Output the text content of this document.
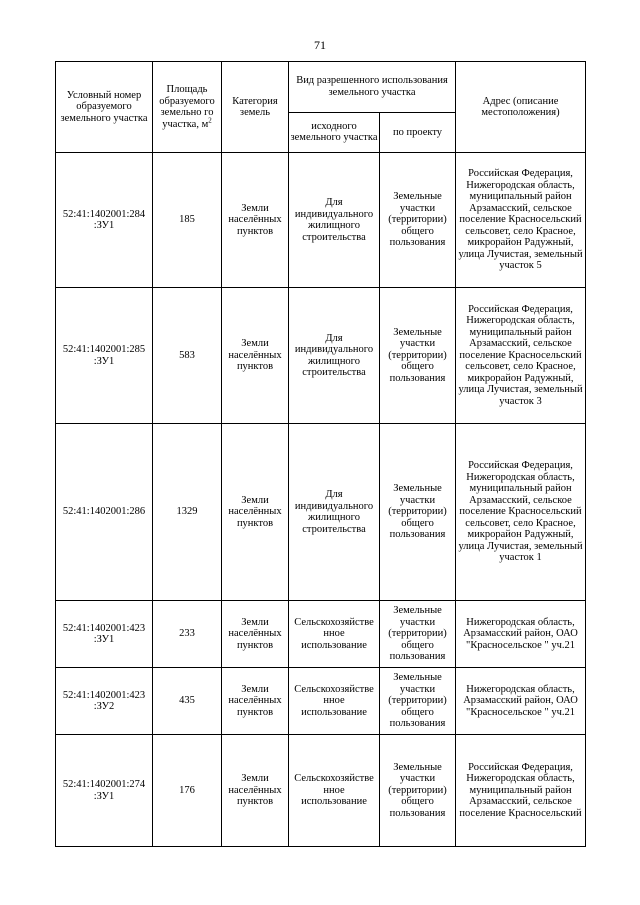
71
Условный номер образуемого земельного участка	Площадь образуемого земельно го участка, $м^2$	Категория земель	Вид разрешенного использования земельного участка		Адрес (описание местоположения)
			исходного земельного участка	по проекту	
52:41:1402001:284 :ЗУ1	185	Земли населённых пунктов	Для индивидуального жилищного строительства	Земельные участки (территории) общего пользования	Российская Федерация, Нижегородская область, муниципальный район Арзамасский, сельское поселение Красносельский сельсовет, село Красное, микрорайон Радужный, улица Лучистая, земельный участок 5
52:41:1402001:285 :ЗУ1	583	Земли населённых пунктов	Для индивидуального жилищного строительства	Земельные участки (территории) общего пользования	Российская Федерация, Нижегородская область, муниципальный район Арзамасский, сельское поселение Красносельский сельсовет, село Красное, микрорайон Радужный, улица Лучистая, земельный участок 3
52:41:1402001:286	1329	Земли населённых пунктов	Для индивидуального жилищного строительства	Земельные участки (территории) общего пользования	Российская Федерация, Нижегородская область, муниципальный район Арзамасский, сельское поселение Красносельский сельсовет, село Красное, микрорайон Радужный, улица Лучистая, земельный участок 1
52:41:1402001:423 :ЗУ1	233	Земли населённых пунктов	Сельскохозяйстве нное использование	Земельные участки (территории) общего пользования	Нижегородская область, Арзамасский район, ОАО "Красносельское " уч.21
52:41:1402001:423 :ЗУ2	435	Земли населённых пунктов	Сельскохозяйстве нное использование	Земельные участки (территории) общего пользования	Нижегородская область, Арзамасский район, ОАО "Красносельское " уч.21
52:41:1402001:274 :ЗУ1	176	Земли населённых пунктов	Сельскохозяйстве нное использование	Земельные участки (территории) общего пользования	Российская Федерация, Нижегородская область, муниципальный район Арзамасский, сельское поселение Красносельский
